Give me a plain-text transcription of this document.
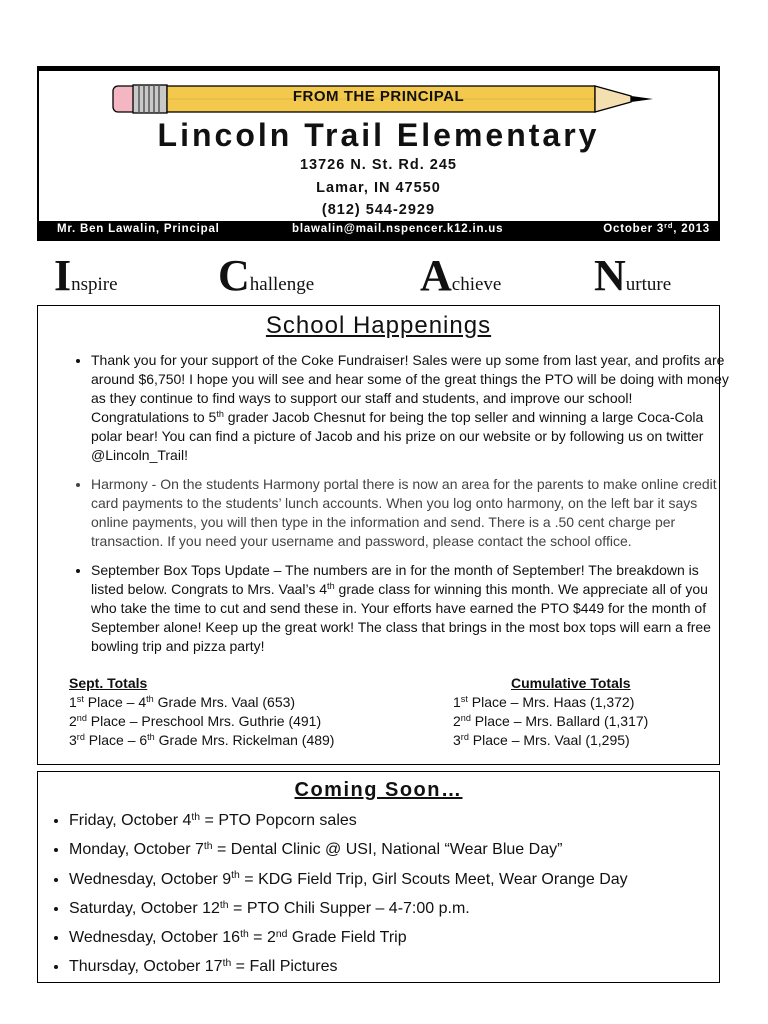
FROM THE PRINCIPAL
Lincoln Trail Elementary
13726 N. St. Rd. 245
Lamar, IN 47550
(812) 544-2929
Mr. Ben Lawalin, Principal	blawalin@mail.nspencer.k12.in.us	October 3rd, 2013
Inspire Challenge Achieve Nurture
School Happenings
• Thank you for your support of the Coke Fundraiser! Sales were up some from last year, and profits are around $6,750! I hope you will see and hear some of the great things the PTO will be doing with money as they continue to find ways to support our staff and students, and improve our school! Congratulations to 5th grader Jacob Chesnut for being the top seller and winning a large Coca-Cola polar bear! You can find a picture of Jacob and his prize on our website or by following us on twitter @Lincoln_Trail!
• Harmony - On the students Harmony portal there is now an area for the parents to make online credit card payments to the students’ lunch accounts. When you log onto harmony, on the left bar it says online payments, you will then type in the information and send. There is a .50 cent charge per transaction. If you need your username and password, please contact the school office.
• September Box Tops Update – The numbers are in for the month of September! The breakdown is listed below. Congrats to Mrs. Vaal’s 4th grade class for winning this month. We appreciate all of you who take the time to cut and send these in. Your efforts have earned the PTO $449 for the month of September alone! Keep up the great work! The class that brings in the most box tops will earn a free bowling trip and pizza party!
Sept. Totals
1st Place – 4th Grade Mrs. Vaal (653)
2nd Place – Preschool Mrs. Guthrie (491)
3rd Place – 6th Grade Mrs. Rickelman (489)
Cumulative Totals
1st Place – Mrs. Haas (1,372)
2nd Place – Mrs. Ballard (1,317)
3rd Place – Mrs. Vaal (1,295)
Coming Soon…
• Friday, October 4th = PTO Popcorn sales
• Monday, October 7th = Dental Clinic @ USI, National “Wear Blue Day”
• Wednesday, October 9th = KDG Field Trip, Girl Scouts Meet, Wear Orange Day
• Saturday, October 12th = PTO Chili Supper – 4-7:00 p.m.
• Wednesday, October 16th = 2nd Grade Field Trip
• Thursday, October 17th = Fall Pictures
